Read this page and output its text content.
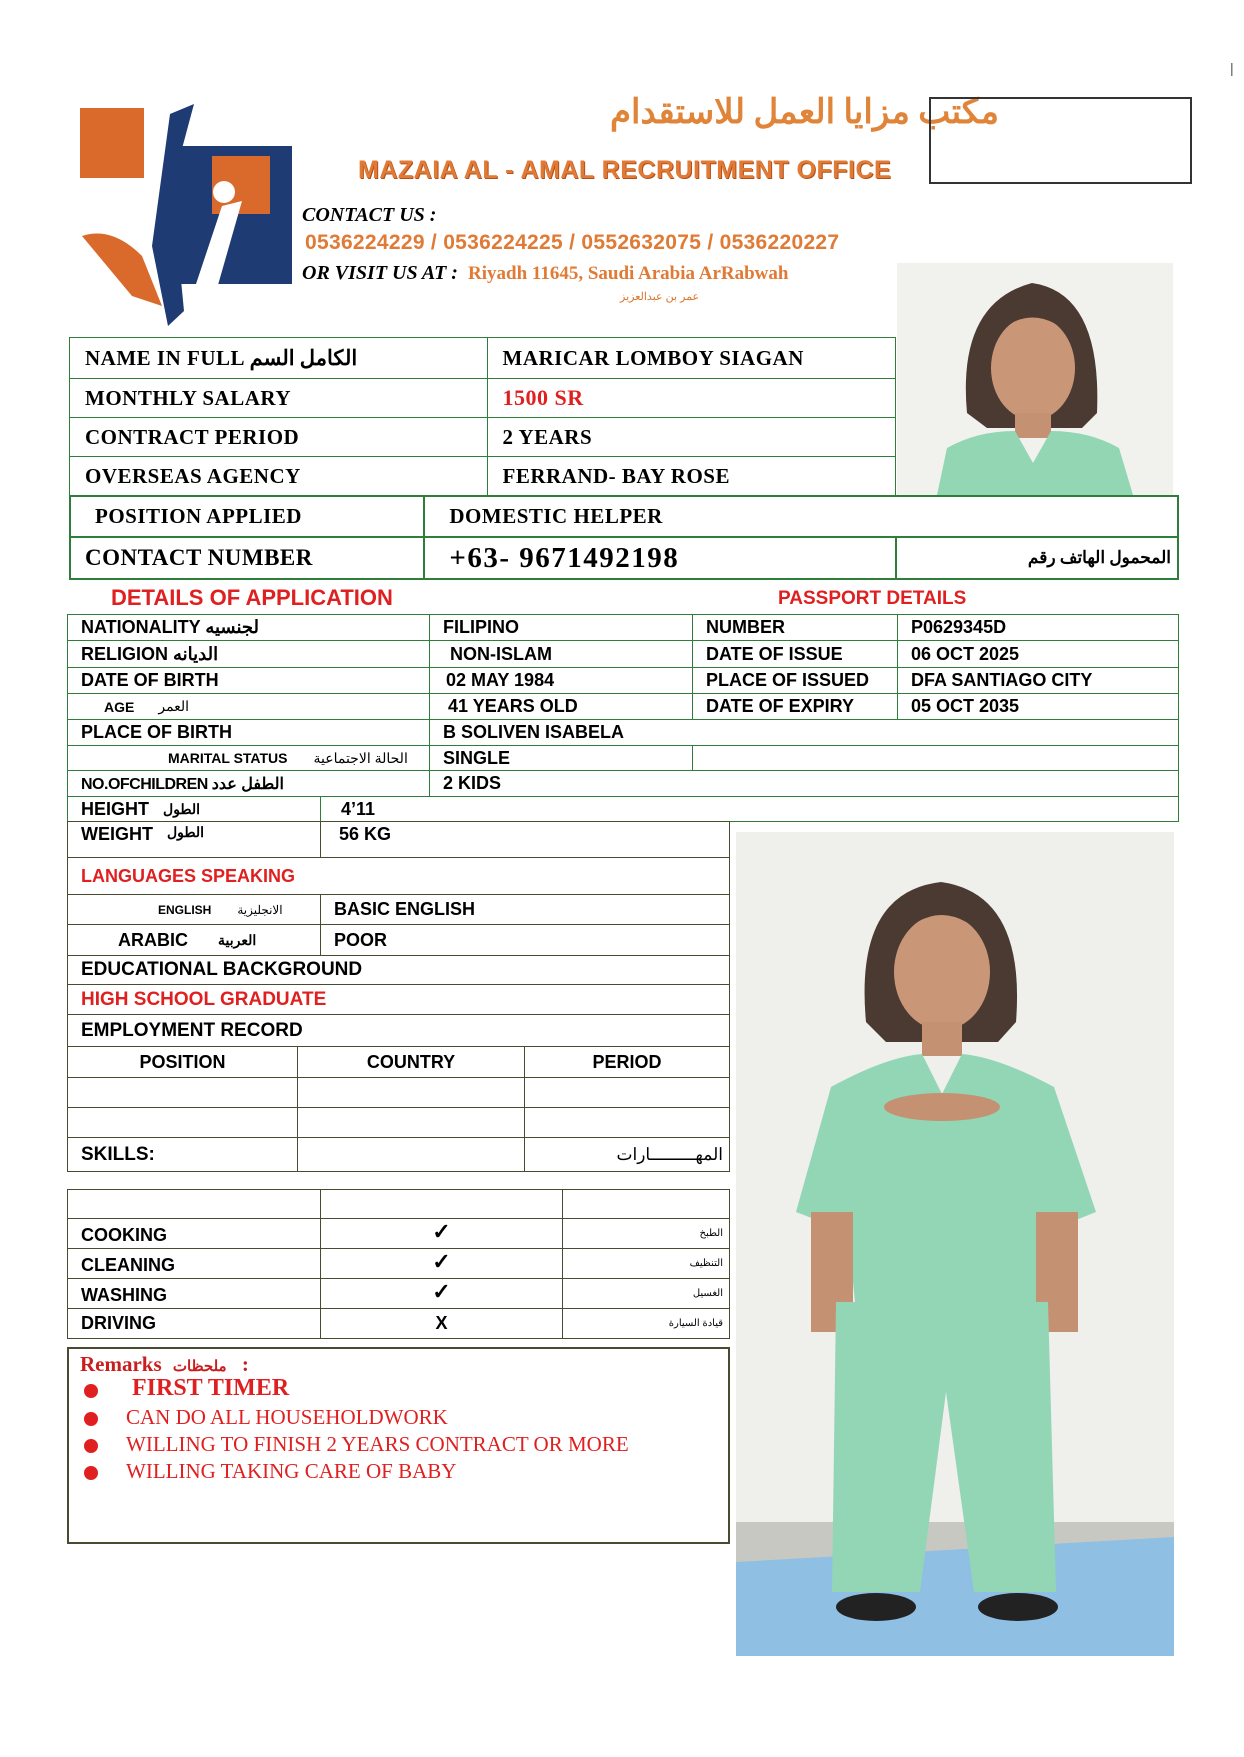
|
مكتب مزايا العمل للاستقدام
MAZAIA AL - AMAL RECRUITMENT OFFICE
CONTACT US :
0536224229 / 0536224225 / 0552632075 / 0536220227
OR VISIT US AT : Riyadh 11645, Saudi Arabia ArRabwah
عمر بن عبدالعزيز
NAME IN FULL الكامل السم	MARICAR LOMBOY SIAGAN
MONTHLY SALARY	1500 SR
CONTRACT PERIOD	2 YEARS
OVERSEAS AGENCY	FERRAND- BAY ROSE
POSITION APPLIED	DOMESTIC HELPER	
CONTACT NUMBER	+63- 9671492198	المحمول الهاتف رقم
DETAILS OF APPLICATION	PASSPORT DETAILS
NATIONALITY لجنسيه	FILIPINO	NUMBER	P0629345D
RELIGION الديانه	NON-ISLAM	DATE OF ISSUE	06 OCT 2025
DATE OF BIRTH	02 MAY 1984	PLACE OF ISSUED	DFA SANTIAGO CITY
AGE العمر	41 YEARS OLD	DATE OF EXPIRY	05 OCT 2035
PLACE OF BIRTH	B SOLIVEN ISABELA
MARITAL STATUS الحالة الاجتماعية	SINGLE
NO.OFCHILDREN الطفل عدد	2 KIDS
HEIGHT الطول	4’11
WEIGHT الطول	56 KG
LANGUAGES SPEAKING
ENGLISH الانجليزية	BASIC ENGLISH
ARABIC العربية	POOR
EDUCATIONAL BACKGROUND
HIGH SCHOOL GRADUATE
EMPLOYMENT RECORD
POSITION	COUNTRY	PERIOD
SKILLS:	المهـــــــــارات
COOKING	✓	الطبخ
CLEANING	✓	التنظيف
WASHING	✓	الغسيل
DRIVING	X	قيادة السيارة
Remarks ملحظات :
FIRST TIMER
CAN DO ALL HOUSEHOLDWORK
WILLING TO FINISH 2 YEARS CONTRACT OR MORE
WILLING TAKING CARE OF BABY
